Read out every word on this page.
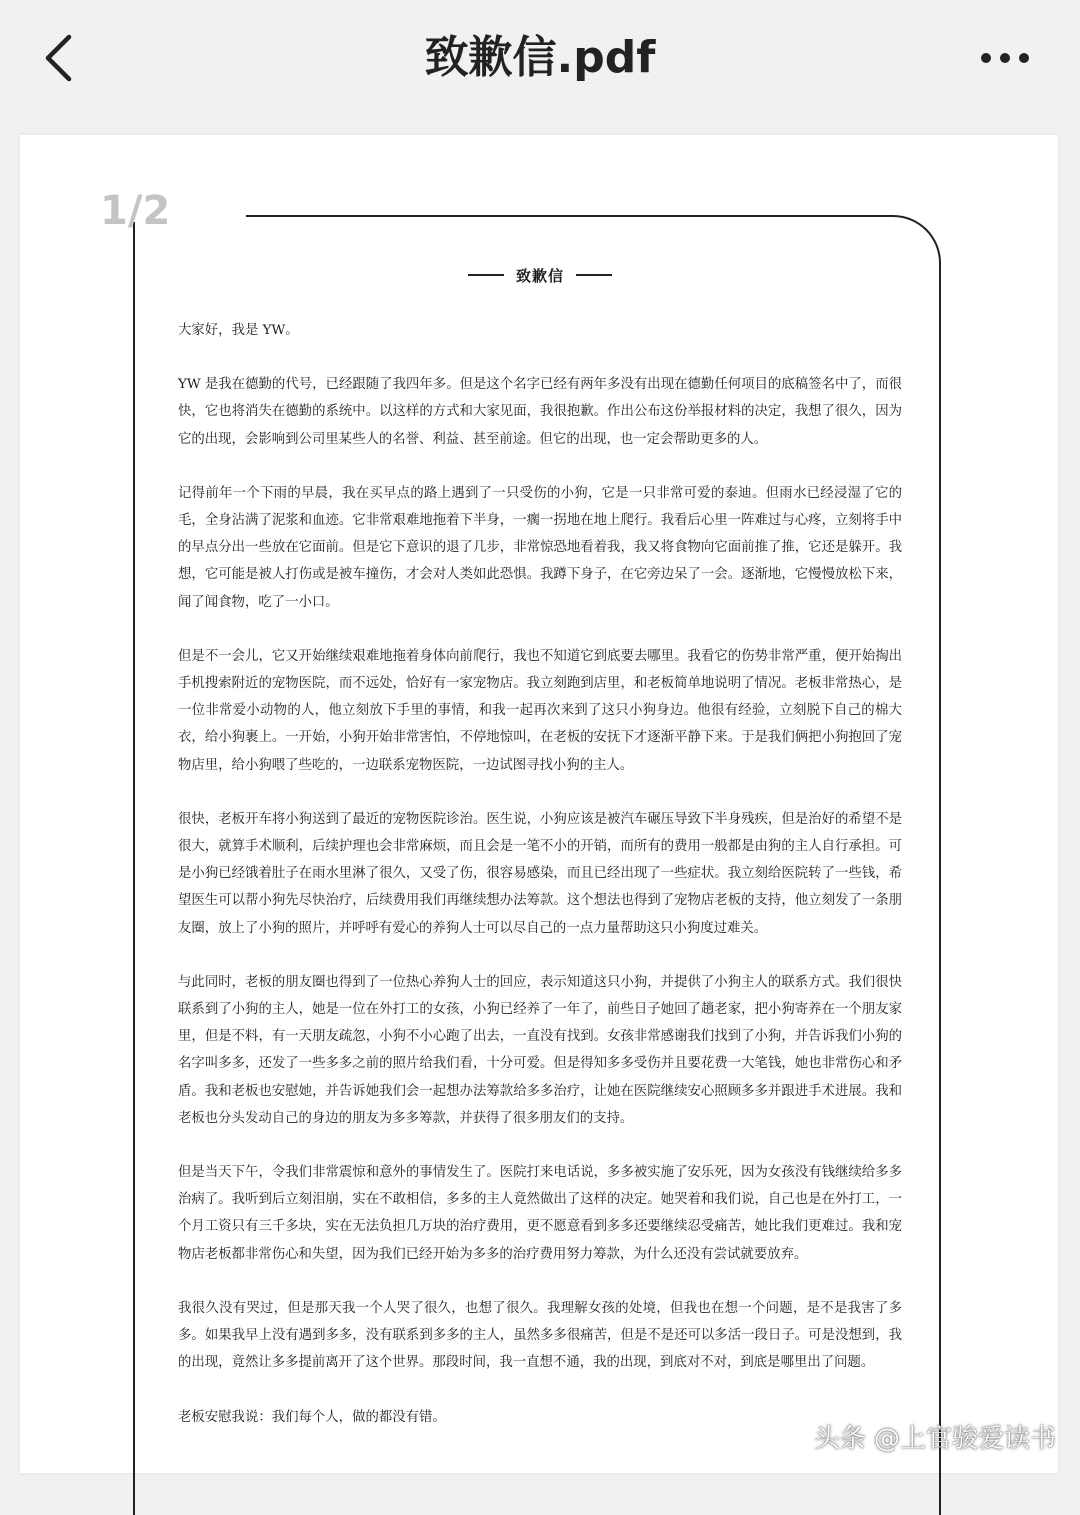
致歉信.pdf
1/2
致歉信

大家好，我是 YW。

YW 是我在德勤的代号，已经跟随了我四年多。但是这个名字已经有两年多没有出现在德勤任何项目的底稿签名中了，而很快，它也将消失在德勤的系统中。以这样的方式和大家见面，我很抱歉。作出公布这份举报材料的决定，我想了很久，因为它的出现，会影响到公司里某些人的名誉、利益、甚至前途。但它的出现，也一定会帮助更多的人。

记得前年一个下雨的早晨，我在买早点的路上遇到了一只受伤的小狗，它是一只非常可爱的泰迪。但雨水已经浸湿了它的毛，全身沾满了泥浆和血迹。它非常艰难地拖着下半身，一瘸一拐地在地上爬行。我看后心里一阵难过与心疼，立刻将手中的早点分出一些放在它面前。但是它下意识的退了几步，非常惊恐地看着我，我又将食物向它面前推了推，它还是躲开。我想，它可能是被人打伤或是被车撞伤，才会对人类如此恐惧。我蹲下身子，在它旁边呆了一会。逐渐地，它慢慢放松下来，闻了闻食物，吃了一小口。

但是不一会儿，它又开始继续艰难地拖着身体向前爬行，我也不知道它到底要去哪里。我看它的伤势非常严重，便开始掏出手机搜索附近的宠物医院，而不远处，恰好有一家宠物店。我立刻跑到店里，和老板简单地说明了情况。老板非常热心，是一位非常爱小动物的人，他立刻放下手里的事情，和我一起再次来到了这只小狗身边。他很有经验，立刻脱下自己的棉大衣，给小狗裹上。一开始，小狗开始非常害怕，不停地惊叫，在老板的安抚下才逐渐平静下来。于是我们俩把小狗抱回了宠物店里，给小狗喂了些吃的，一边联系宠物医院，一边试图寻找小狗的主人。

很快，老板开车将小狗送到了最近的宠物医院诊治。医生说，小狗应该是被汽车碾压导致下半身残疾，但是治好的希望不是很大，就算手术顺利，后续护理也会非常麻烦，而且会是一笔不小的开销，而所有的费用一般都是由狗的主人自行承担。可是小狗已经饿着肚子在雨水里淋了很久，又受了伤，很容易感染，而且已经出现了一些症状。我立刻给医院转了一些钱，希望医生可以帮小狗先尽快治疗，后续费用我们再继续想办法筹款。这个想法也得到了宠物店老板的支持，他立刻发了一条朋友圈，放上了小狗的照片，并呼呼有爱心的养狗人士可以尽自己的一点力量帮助这只小狗度过难关。

与此同时，老板的朋友圈也得到了一位热心养狗人士的回应，表示知道这只小狗，并提供了小狗主人的联系方式。我们很快联系到了小狗的主人，她是一位在外打工的女孩，小狗已经养了一年了，前些日子她回了趟老家，把小狗寄养在一个朋友家里，但是不料，有一天朋友疏忽，小狗不小心跑了出去，一直没有找到。女孩非常感谢我们找到了小狗，并告诉我们小狗的名字叫多多，还发了一些多多之前的照片给我们看，十分可爱。但是得知多多受伤并且要花费一大笔钱，她也非常伤心和矛盾。我和老板也安慰她，并告诉她我们会一起想办法筹款给多多治疗，让她在医院继续安心照顾多多并跟进手术进展。我和老板也分头发动自己的身边的朋友为多多筹款，并获得了很多朋友们的支持。

但是当天下午，令我们非常震惊和意外的事情发生了。医院打来电话说，多多被实施了安乐死，因为女孩没有钱继续给多多治病了。我听到后立刻泪崩，实在不敢相信，多多的主人竟然做出了这样的决定。她哭着和我们说，自己也是在外打工，一个月工资只有三千多块，实在无法负担几万块的治疗费用，更不愿意看到多多还要继续忍受痛苦，她比我们更难过。我和宠物店老板都非常伤心和失望，因为我们已经开始为多多的治疗费用努力筹款，为什么还没有尝试就要放弃。

我很久没有哭过，但是那天我一个人哭了很久，也想了很久。我理解女孩的处境，但我也在想一个问题，是不是我害了多多。如果我早上没有遇到多多，没有联系到多多的主人，虽然多多很痛苦，但是不是还可以多活一段日子。可是没想到，我的出现，竟然让多多提前离开了这个世界。那段时间，我一直想不通，我的出现，到底对不对，到底是哪里出了问题。

老板安慰我说：我们每个人，做的都没有错。

头条 @上官骏爱读书
